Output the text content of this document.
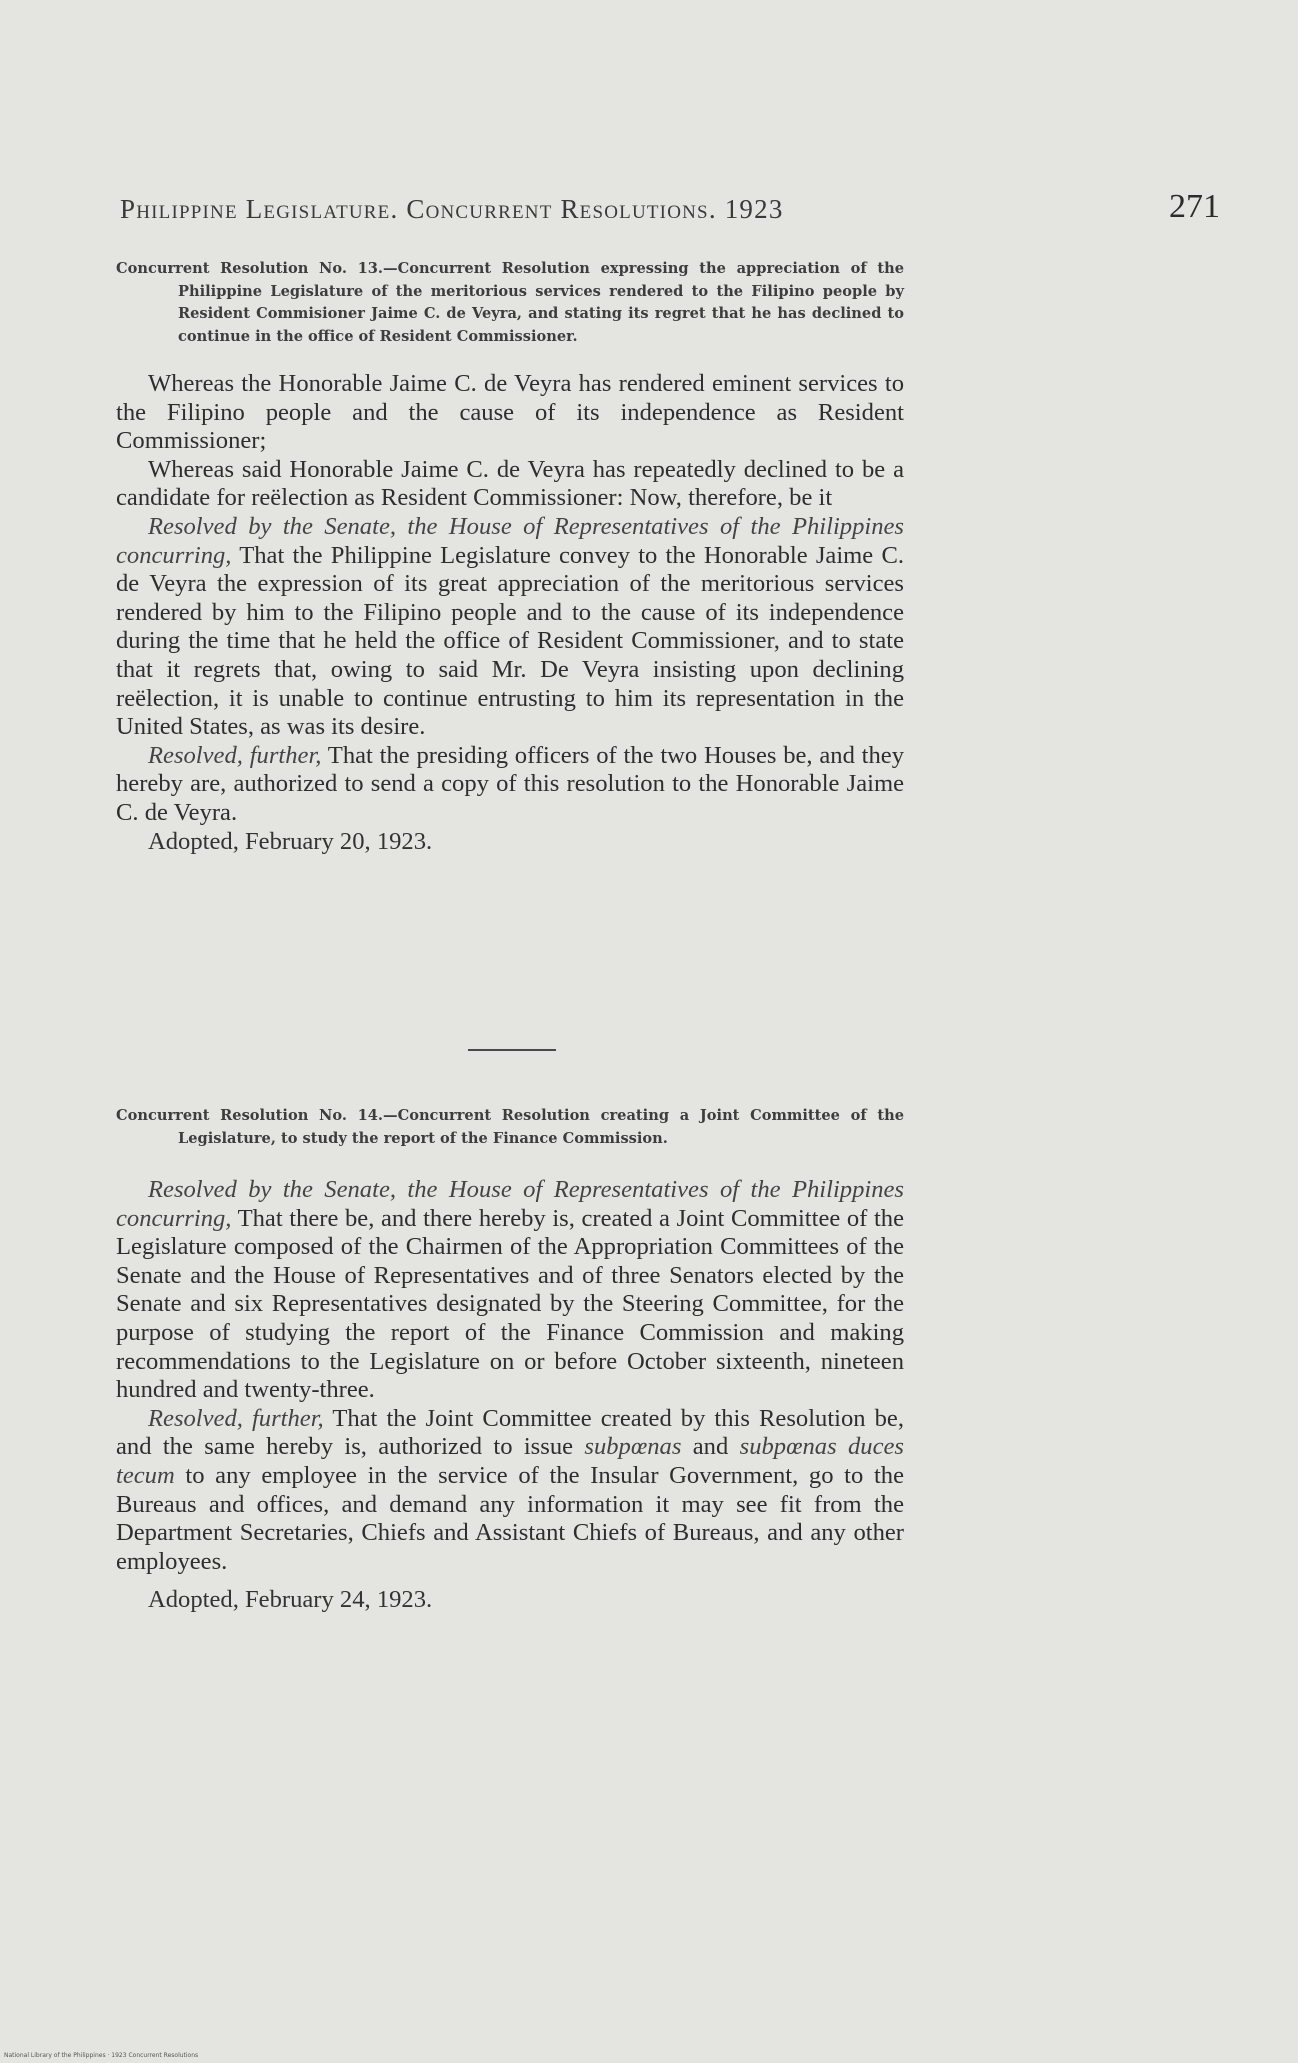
Philippine Legislature. Concurrent Resolutions. 1923	271

Concurrent Resolution No. 13.—Concurrent Resolution expressing the appreciation of the Philippine Legislature of the meritorious services rendered to the Filipino people by Resident Commisioner Jaime C. de Veyra, and stating its regret that he has declined to continue in the office of Resident Commissioner.

Whereas the Honorable Jaime C. de Veyra has rendered eminent services to the Filipino people and the cause of its independence as Resident Commissioner;

Whereas said Honorable Jaime C. de Veyra has repeatedly declined to be a candidate for reëlection as Resident Commissioner: Now, therefore, be it

Resolved by the Senate, the House of Representatives of the Philippines concurring, That the Philippine Legislature convey to the Honorable Jaime C. de Veyra the expression of its great appreciation of the meritorious services rendered by him to the Filipino people and to the cause of its independence during the time that he held the office of Resident Commissioner, and to state that it regrets that, owing to said Mr. De Veyra insisting upon declining reëlection, it is unable to continue entrusting to him its representation in the United States, as was its desire.

Resolved, further, That the presiding officers of the two Houses be, and they hereby are, authorized to send a copy of this resolution to the Honorable Jaime C. de Veyra.

Adopted, February 20, 1923.

Concurrent Resolution No. 14.—Concurrent Resolution creating a Joint Committee of the Legislature, to study the report of the Finance Commission.

Resolved by the Senate, the House of Representatives of the Philippines concurring, That there be, and there hereby is, created a Joint Committee of the Legislature composed of the Chairmen of the Appropriation Committees of the Senate and the House of Representatives and of three Senators elected by the Senate and six Representatives designated by the Steering Committee, for the purpose of studying the report of the Finance Commission and making recommendations to the Legislature on or before October sixteenth, nineteen hundred and twenty-three.

Resolved, further, That the Joint Committee created by this Resolution be, and the same hereby is, authorized to issue subpœnas and subpœnas duces tecum to any employee in the service of the Insular Government, go to the Bureaus and offices, and demand any information it may see fit from the Department Secretaries, Chiefs and Assistant Chiefs of Bureaus, and any other employees.

Adopted, February 24, 1923.

National Library of the Philippines · 1923 Concurrent Resolutions
